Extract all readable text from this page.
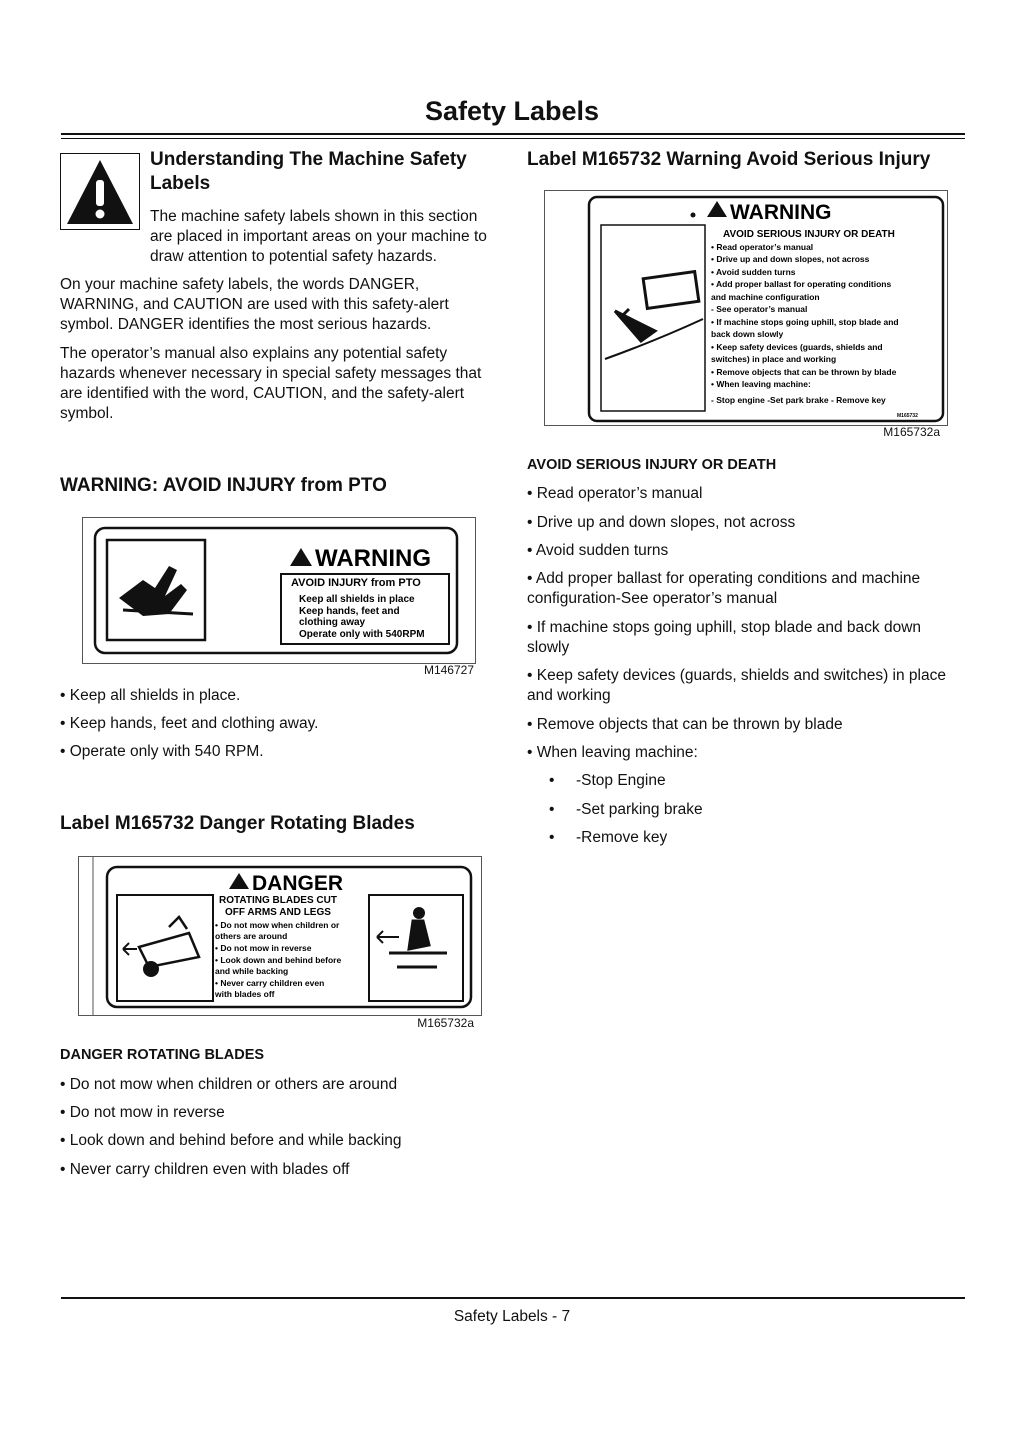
Safety Labels
Understanding The Machine Safety Labels
The machine safety labels shown in this section are placed in important areas on your machine to draw attention to potential safety hazards.
On your machine safety labels, the words DANGER, WARNING, and CAUTION are used with this safety-alert symbol. DANGER identifies the most serious hazards.
The operator’s manual also explains any potential safety hazards whenever necessary in special safety messages that are identified with the word, CAUTION, and the safety-alert symbol.
WARNING: AVOID INJURY from PTO
WARNING
AVOID INJURY from PTO
Keep all shields in place
Keep hands, feet and
clothing away
Operate only with 540RPM
M146727
• Keep all shields in place.
• Keep hands, feet and clothing away.
• Operate only with 540 RPM.
Label M165732 Danger Rotating Blades
DANGER
ROTATING BLADES CUT
OFF ARMS AND LEGS
• Do not mow when children or
others are around
• Do not mow in reverse
• Look down and behind before
and while backing
• Never carry children even
with blades off
M165732a
DANGER ROTATING BLADES
• Do not mow when children or others are around
• Do not mow in reverse
• Look down and behind before and while backing
• Never carry children even with blades off
Label M165732 Warning Avoid Serious Injury
WARNING
AVOID SERIOUS INJURY OR DEATH
• Read operator’s manual
• Drive up and down slopes, not across
• Avoid sudden turns
• Add proper ballast for operating conditions
and machine configuration
- See operator’s manual
• If machine stops going uphill, stop blade and
back down slowly
• Keep safety devices (guards, shields and
switches) in place and working
• Remove objects that can be thrown by blade
• When leaving machine:
- Stop engine -Set park brake - Remove key
M165732
M165732a
AVOID SERIOUS INJURY OR DEATH
• Read operator’s manual
• Drive up and down slopes, not across
• Avoid sudden turns
• Add proper ballast for operating conditions and machine configuration-See operator’s manual
• If machine stops going uphill, stop blade and back down slowly
• Keep safety devices (guards, shields and switches) in place and working
• Remove objects that can be thrown by blade
• When leaving machine:
•     -Stop Engine
•     -Set parking brake
•     -Remove key
Safety Labels - 7
